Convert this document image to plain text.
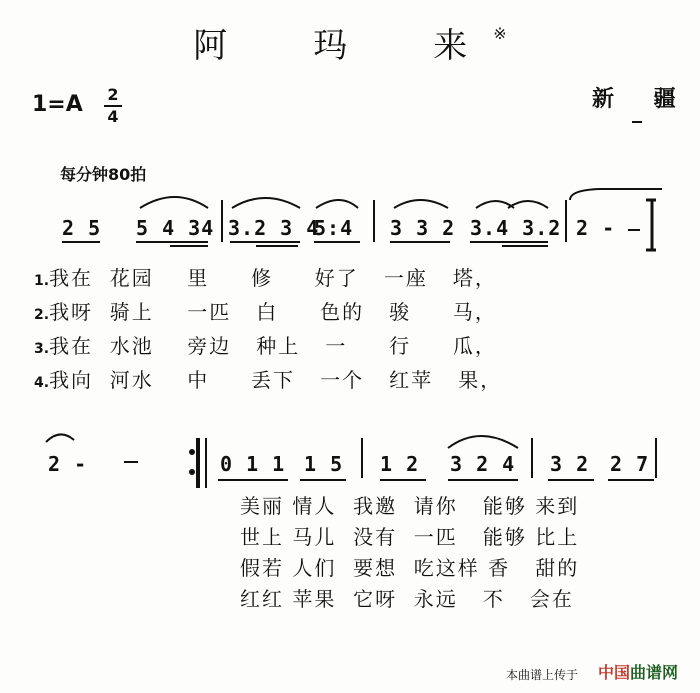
阿　玛　来※
新 疆
1=A 2
4
每分钟80拍
2 5 5 4 34 3.2 3 4
5:4 3 3 2 3.4 3.2 2 -
1.我在  花园    里     修     好了   一座   塔，
2.我呀  骑上    一匹   白     色的   骏     马，
3.我在  水池    旁边   种上   一     行     瓜，
4.我向  河水    中     丢下   一个   红苹   果，
2 -	0 1 1 1 5 1 2 3 2 4 3 2 2 7
美丽 情人  我邀  请你   能够 来到
世上 马儿  没有  一匹   能够 比上
假若 人们  要想  吃这样 香   甜的
红红 苹果  它呀  永远   不   会在
本曲谱上传于 中国曲谱网
